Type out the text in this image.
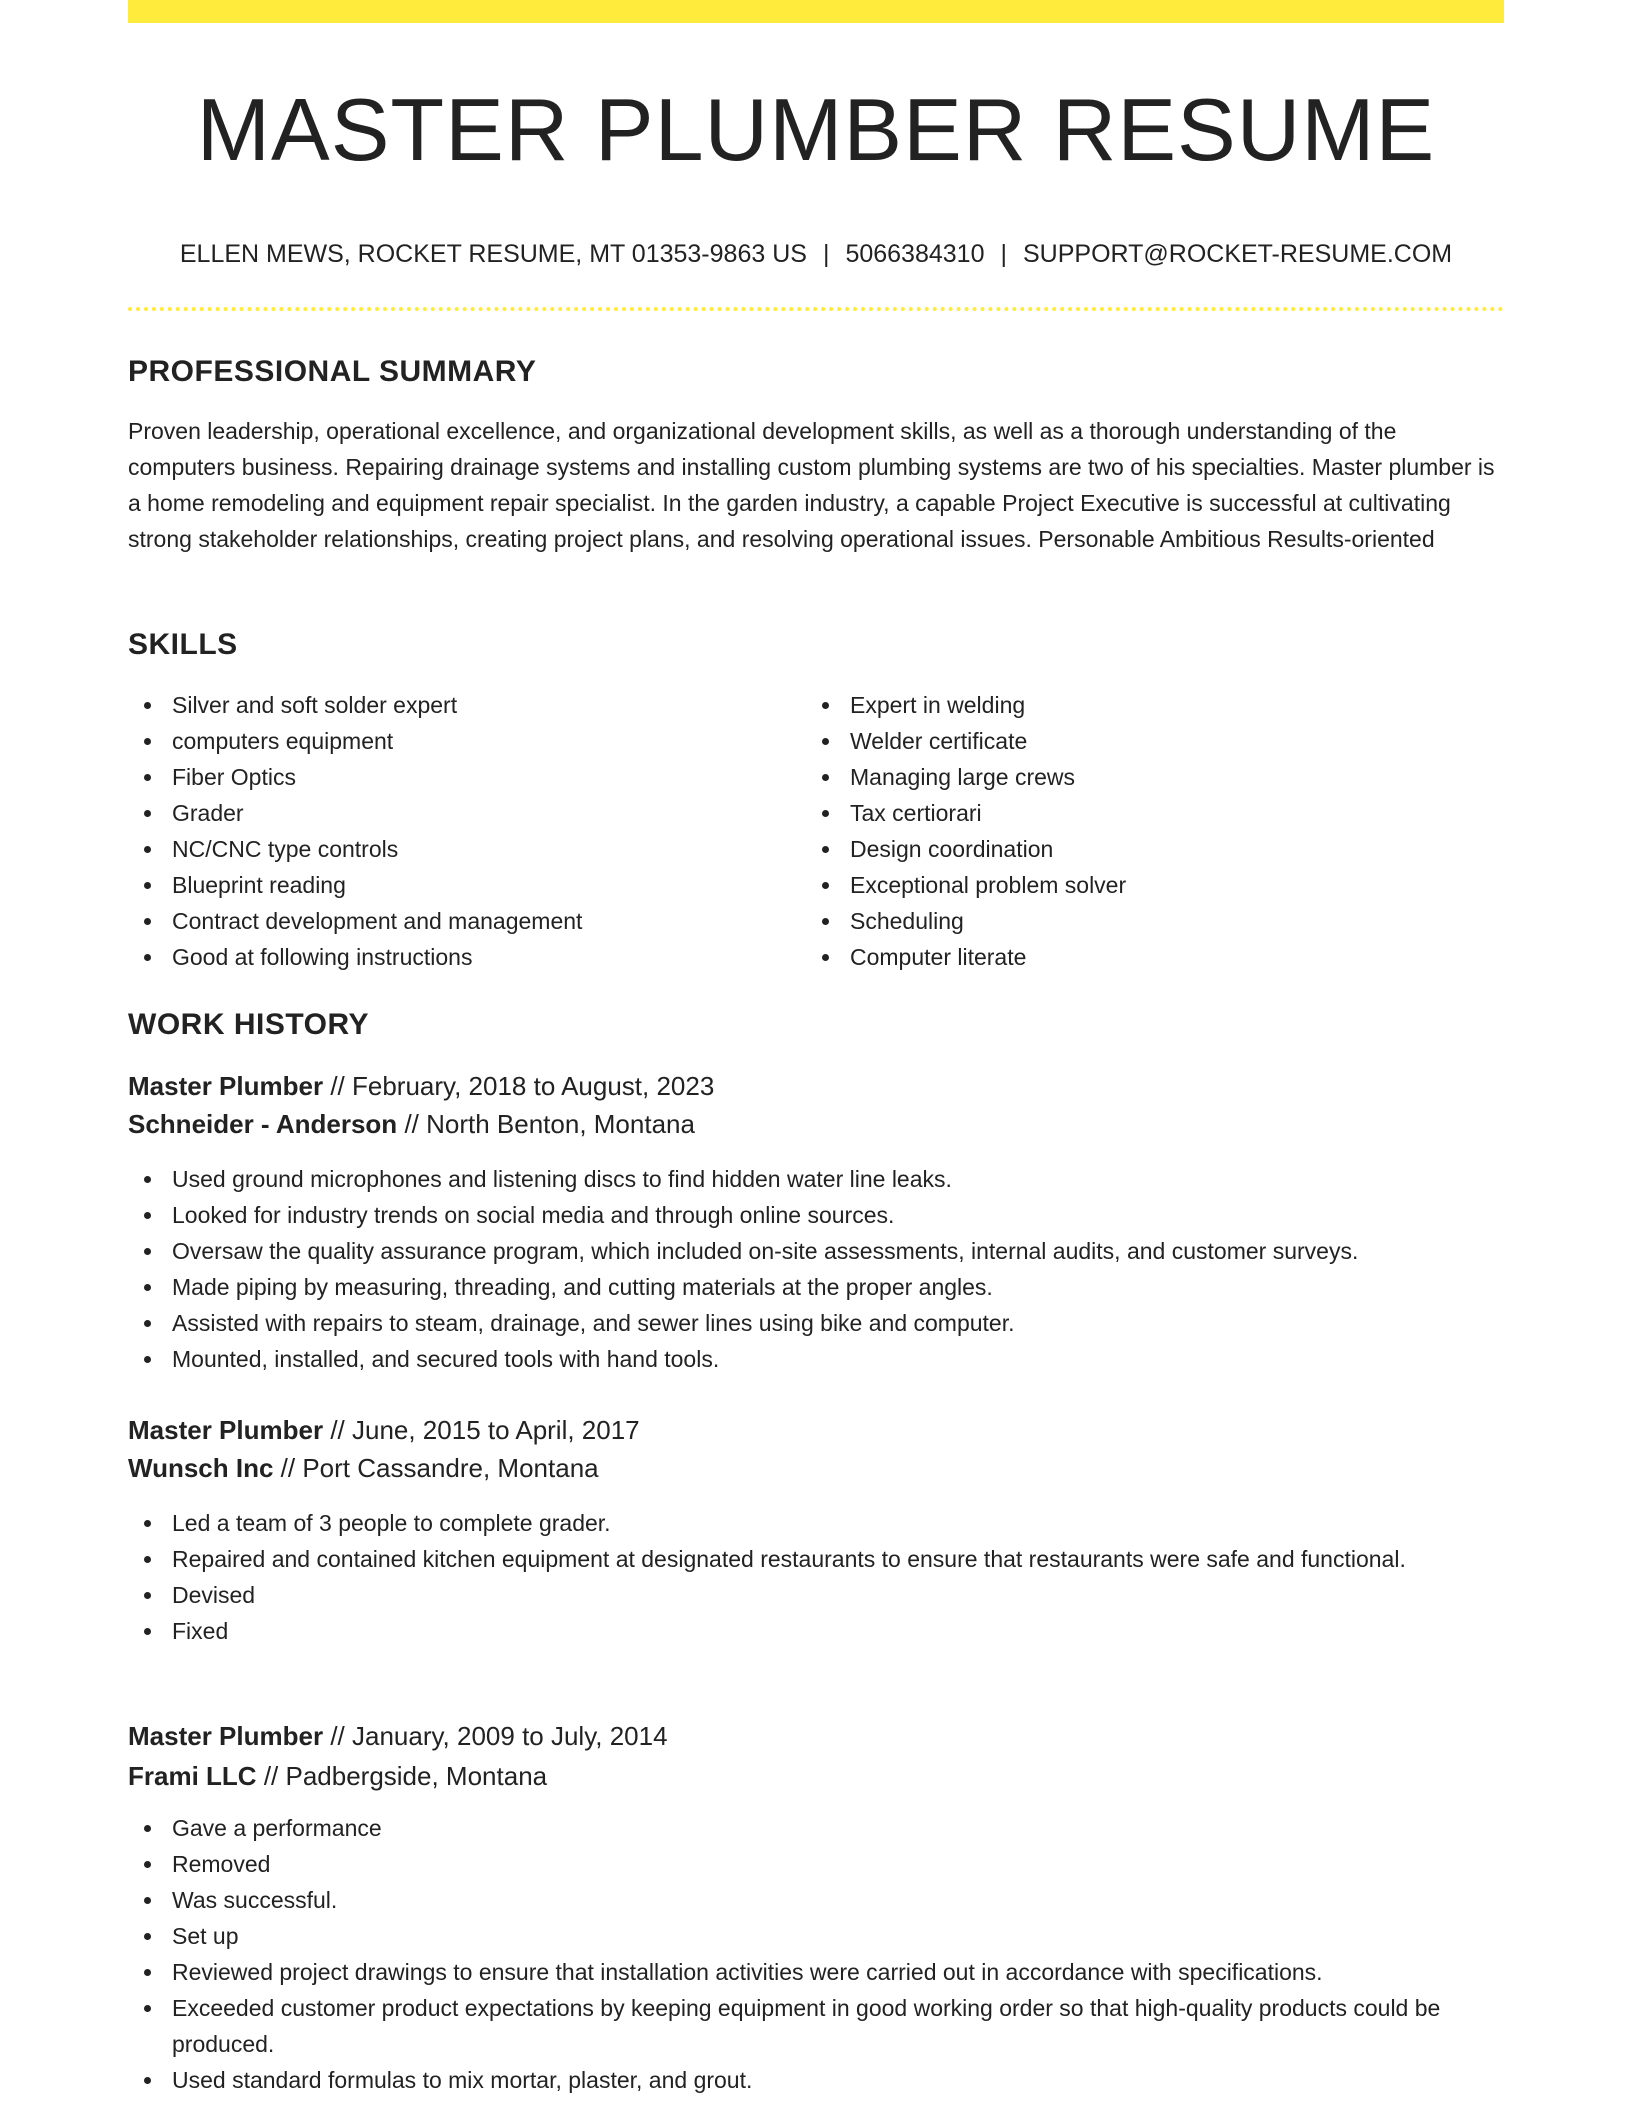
MASTER PLUMBER RESUME
ELLEN MEWS, ROCKET RESUME, MT 01353-9863 US | 5066384310 | SUPPORT@ROCKET-RESUME.COM
PROFESSIONAL SUMMARY

Proven leadership, operational excellence, and organizational development skills, as well as a thorough understanding of the computers business. Repairing drainage systems and installing custom plumbing systems are two of his specialties. Master plumber is a home remodeling and equipment repair specialist. In the garden industry, a capable Project Executive is successful at cultivating strong stakeholder relationships, creating project plans, and resolving operational issues. Personable Ambitious Results-oriented

SKILLS
Silver and soft solder expert
computers equipment
Fiber Optics
Grader
NC/CNC type controls
Blueprint reading
Contract development and management
Good at following instructions
Expert in welding
Welder certificate
Managing large crews
Tax certiorari
Design coordination
Exceptional problem solver
Scheduling
Computer literate
WORK HISTORY
Master Plumber // February, 2018 to August, 2023
Schneider - Anderson // North Benton, Montana
Used ground microphones and listening discs to find hidden water line leaks.
Looked for industry trends on social media and through online sources.
Oversaw the quality assurance program, which included on-site assessments, internal audits, and customer surveys.
Made piping by measuring, threading, and cutting materials at the proper angles.
Assisted with repairs to steam, drainage, and sewer lines using bike and computer.
Mounted, installed, and secured tools with hand tools.
Master Plumber // June, 2015 to April, 2017
Wunsch Inc // Port Cassandre, Montana
Led a team of 3 people to complete grader.
Repaired and contained kitchen equipment at designated restaurants to ensure that restaurants were safe and functional.
Devised
Fixed
Master Plumber // January, 2009 to July, 2014
Frami LLC // Padbergside, Montana
Gave a performance
Removed
Was successful.
Set up
Reviewed project drawings to ensure that installation activities were carried out in accordance with specifications.
Exceeded customer product expectations by keeping equipment in good working order so that high-quality products could be produced.
Used standard formulas to mix mortar, plaster, and grout.
